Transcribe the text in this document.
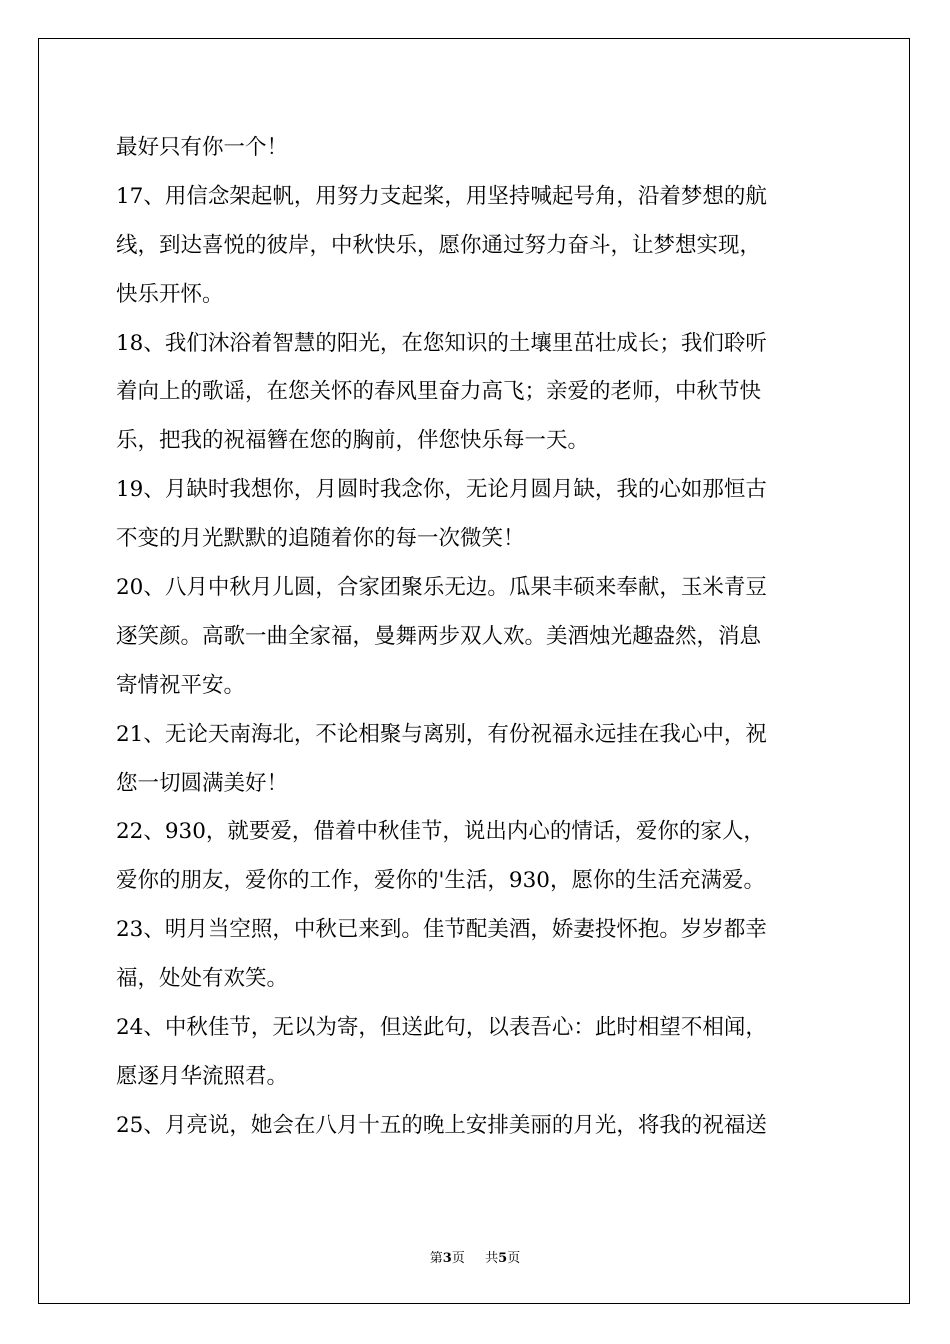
最好只有你一个！
17、用信念架起帆，用努力支起桨，用坚持喊起号角，沿着梦想的航
线，到达喜悦的彼岸，中秋快乐，愿你通过努力奋斗，让梦想实现，
快乐开怀。
18、我们沐浴着智慧的阳光，在您知识的土壤里茁壮成长；我们聆听
着向上的歌谣，在您关怀的春风里奋力高飞；亲爱的老师，中秋节快
乐，把我的祝福簪在您的胸前，伴您快乐每一天。
19、月缺时我想你，月圆时我念你，无论月圆月缺，我的心如那恒古
不变的月光默默的追随着你的每一次微笑！
20、八月中秋月儿圆，合家团聚乐无边。瓜果丰硕来奉献，玉米青豆
逐笑颜。高歌一曲全家福，曼舞两步双人欢。美酒烛光趣盎然，消息
寄情祝平安。
21、无论天南海北，不论相聚与离别，有份祝福永远挂在我心中，祝
您一切圆满美好！
22、930，就要爱，借着中秋佳节，说出内心的情话，爱你的家人，
爱你的朋友，爱你的工作，爱你的'生活，930，愿你的生活充满爱。
23、明月当空照，中秋已来到。佳节配美酒，娇妻投怀抱。岁岁都幸
福，处处有欢笑。
24、中秋佳节，无以为寄，但送此句，以表吾心：此时相望不相闻，
愿逐月华流照君。
25、月亮说，她会在八月十五的晚上安排美丽的月光，将我的祝福送
第3页 共5页
